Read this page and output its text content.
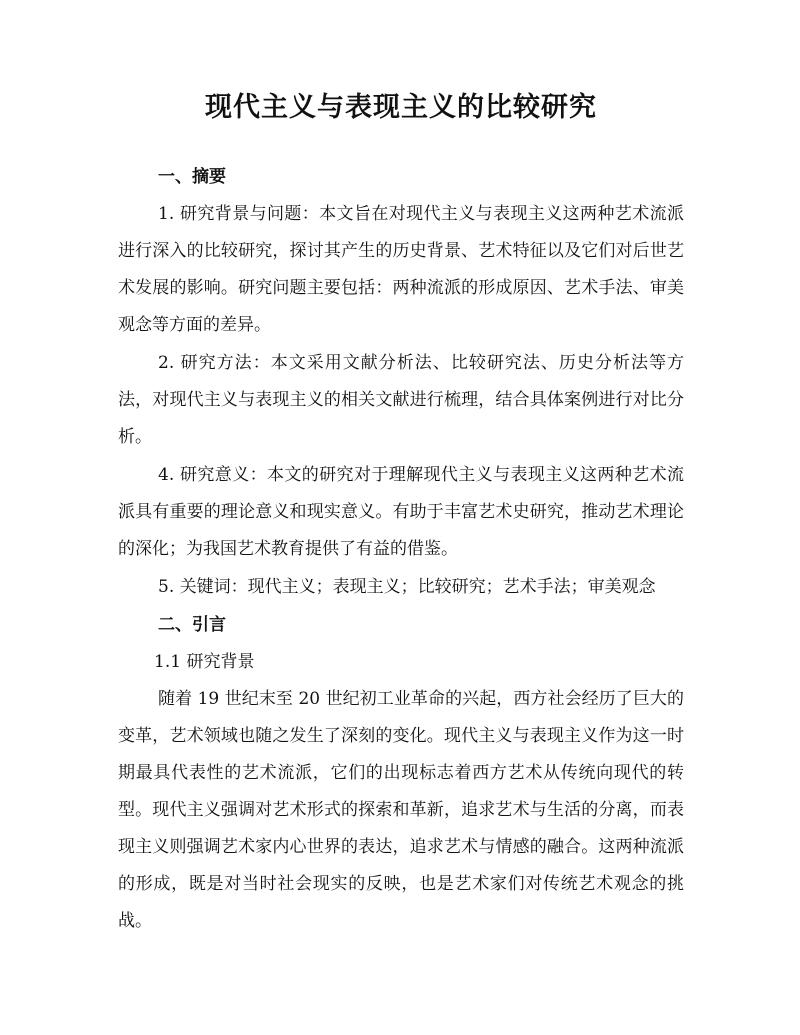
现代主义与表现主义的比较研究
一、摘要

1. 研究背景与问题：本文旨在对现代主义与表现主义这两种艺术流派进行深入的比较研究，探讨其产生的历史背景、艺术特征以及它们对后世艺术发展的影响。研究问题主要包括：两种流派的形成原因、艺术手法、审美观念等方面的差异。

2. 研究方法：本文采用文献分析法、比较研究法、历史分析法等方法，对现代主义与表现主义的相关文献进行梳理，结合具体案例进行对比分析。

4. 研究意义：本文的研究对于理解现代主义与表现主义这两种艺术流派具有重要的理论意义和现实意义。有助于丰富艺术史研究，推动艺术理论的深化；为我国艺术教育提供了有益的借鉴。

5. 关键词：现代主义；表现主义；比较研究；艺术手法；审美观念

二、引言

1.1 研究背景

随着 19 世纪末至 20 世纪初工业革命的兴起，西方社会经历了巨大的变革，艺术领域也随之发生了深刻的变化。现代主义与表现主义作为这一时期最具代表性的艺术流派，它们的出现标志着西方艺术从传统向现代的转型。现代主义强调对艺术形式的探索和革新，追求艺术与生活的分离，而表现主义则强调艺术家内心世界的表达，追求艺术与情感的融合。这两种流派的形成，既是对当时社会现实的反映，也是艺术家们对传统艺术观念的挑战。
